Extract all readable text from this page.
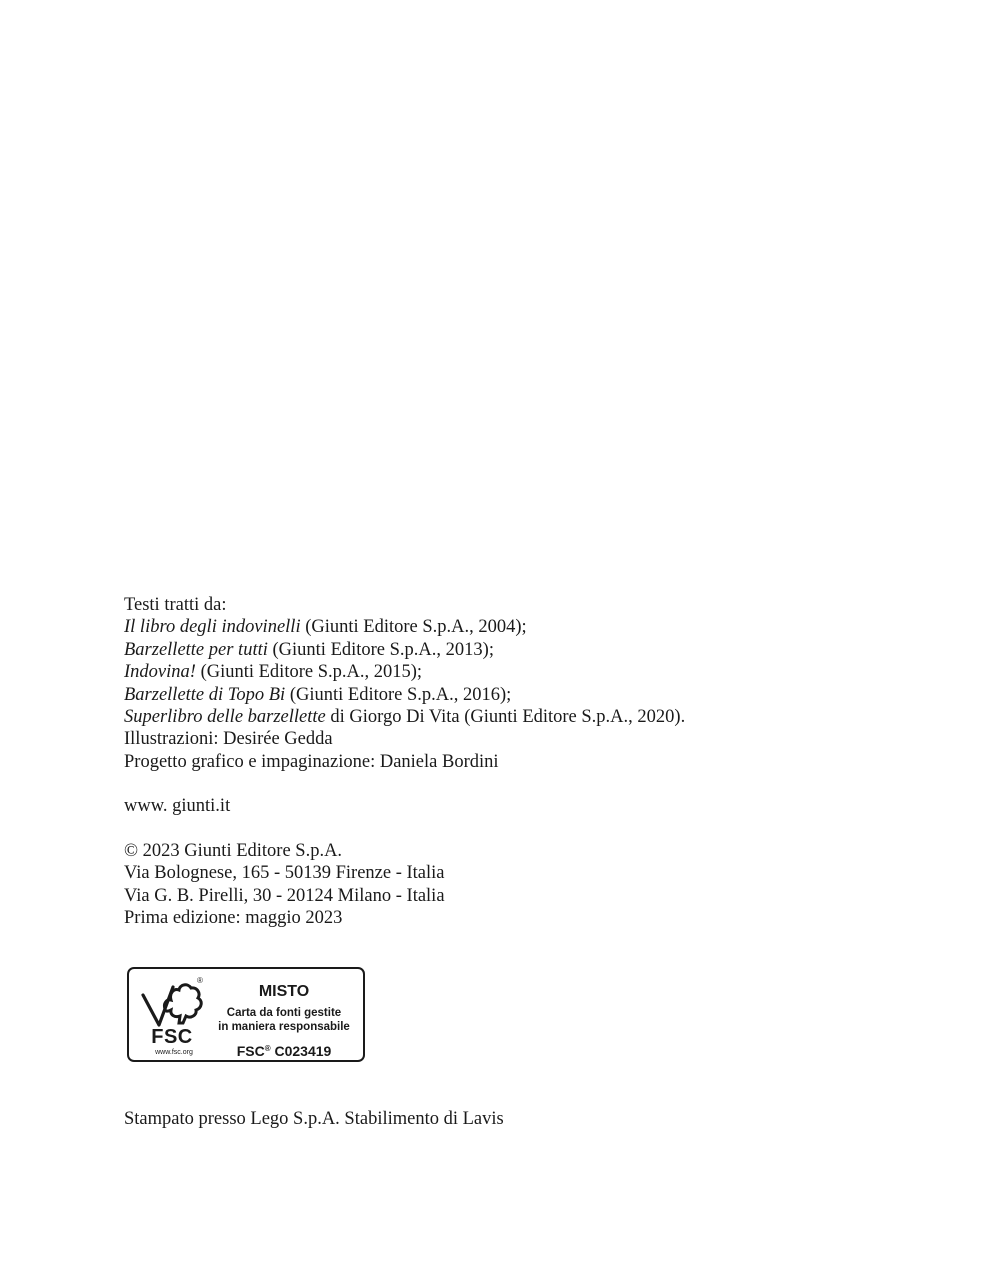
Testi tratti da:
Il libro degli indovinelli (Giunti Editore S.p.A., 2004);
Barzellette per tutti (Giunti Editore S.p.A., 2013);
Indovina! (Giunti Editore S.p.A., 2015);
Barzellette di Topo Bi (Giunti Editore S.p.A., 2016);
Superlibro delle barzellette di Giorgo Di Vita (Giunti Editore S.p.A., 2020).
Illustrazioni: Desirée Gedda
Progetto grafico e impaginazione: Daniela Bordini
www. giunti.it
© 2023 Giunti Editore S.p.A.
Via Bolognese, 165 - 50139 Firenze - Italia
Via G. B. Pirelli, 30 - 20124 Milano - Italia
Prima edizione: maggio 2023
®
FSC
www.fsc.org
MISTO
Carta da fonti gestite
in maniera responsabile
FSC® C023419
Stampato presso Lego S.p.A. Stabilimento di Lavis
